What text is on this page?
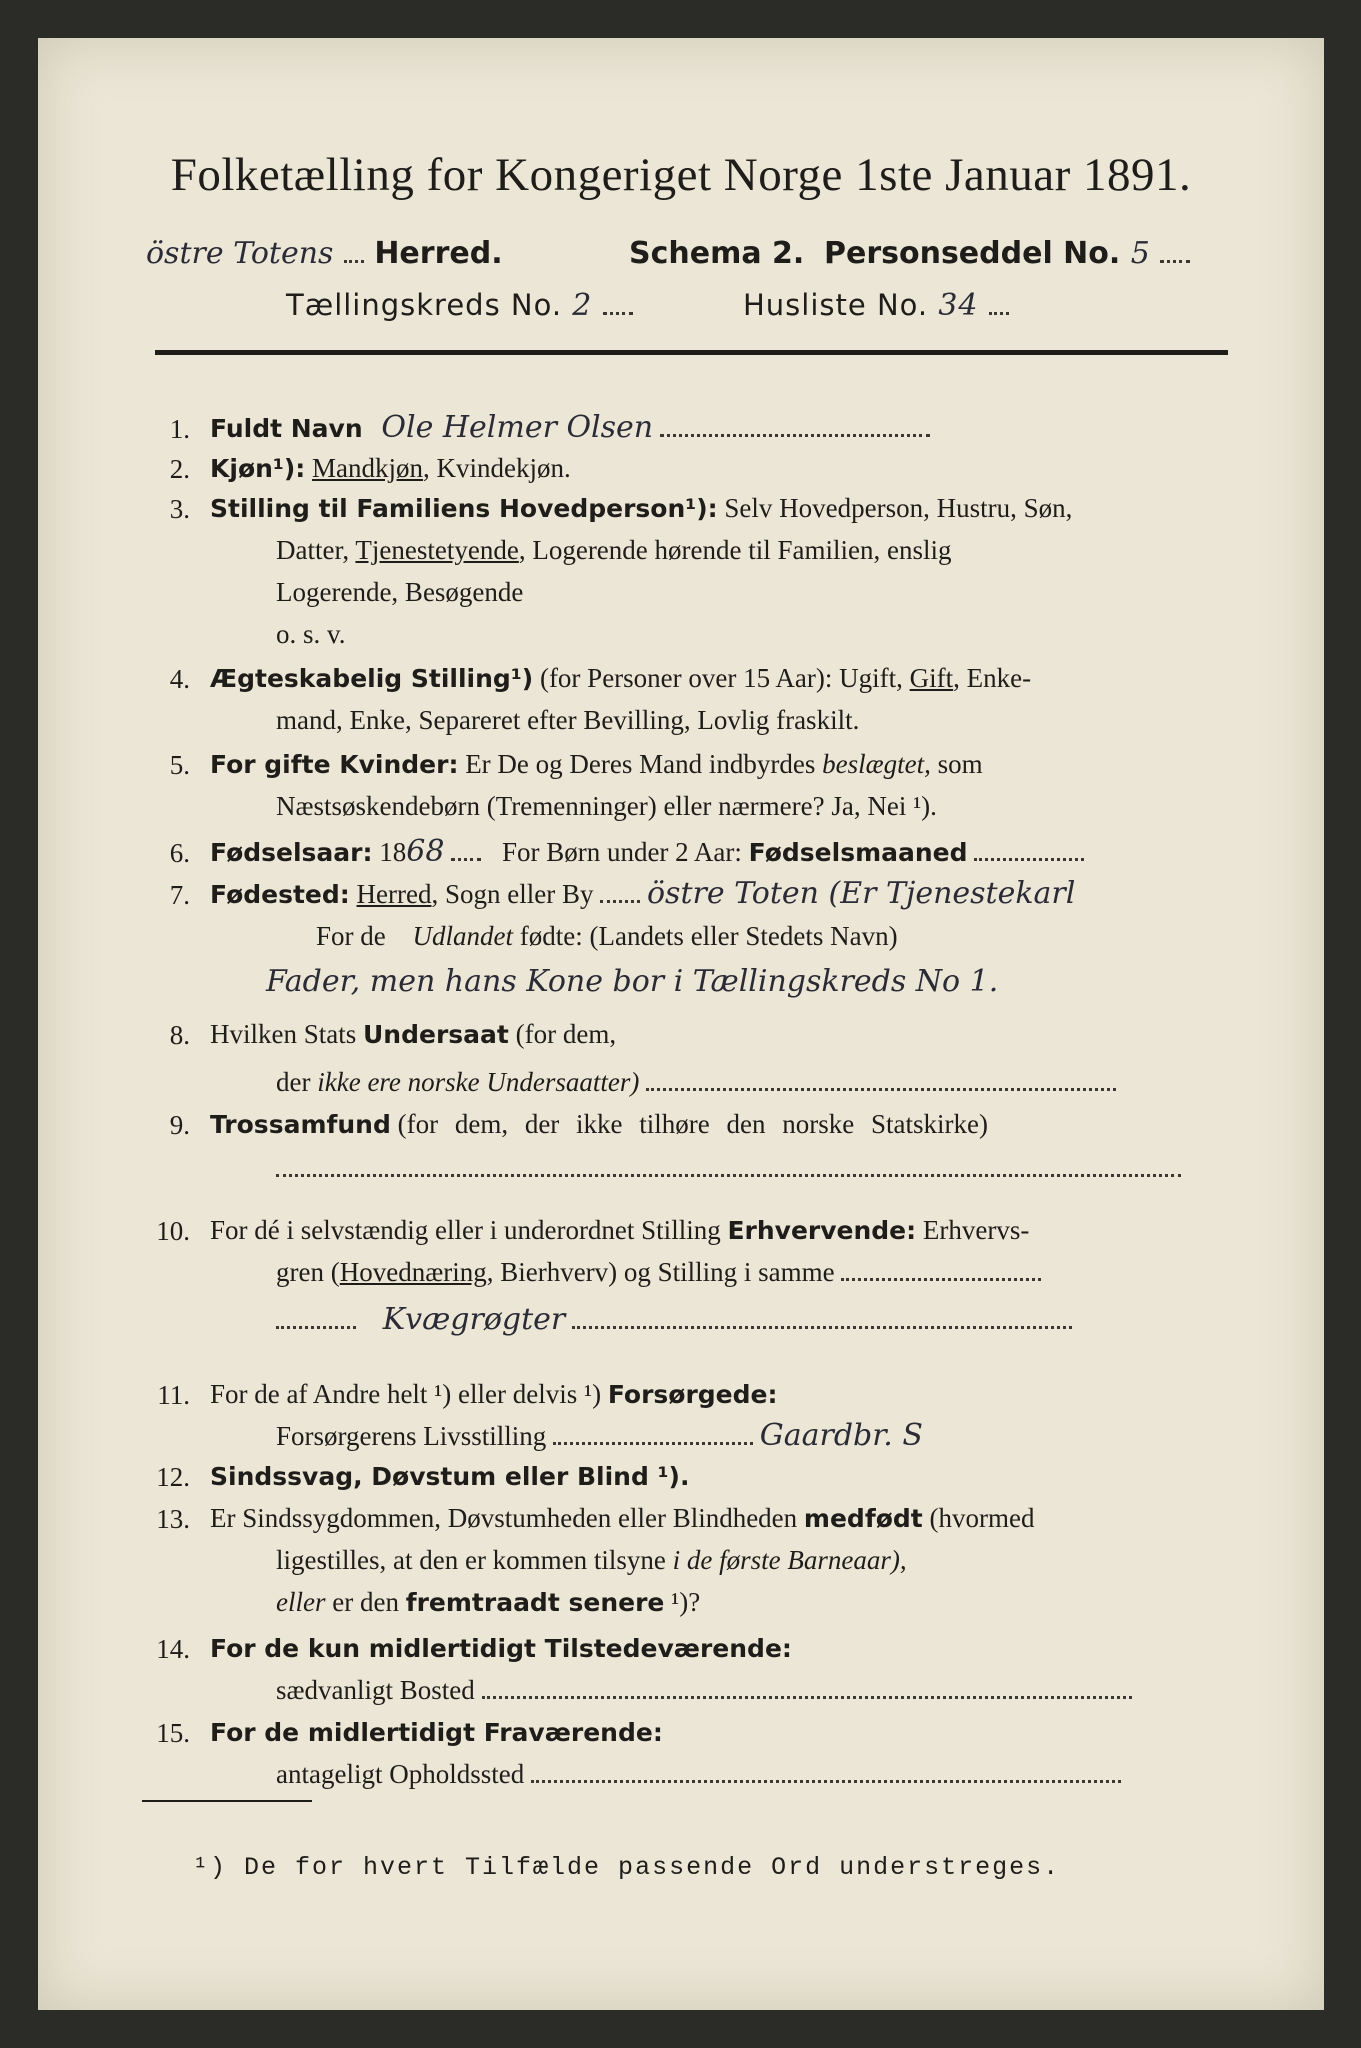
Folketælling for Kongeriget Norge 1ste Januar 1891.
östre Totens Herred.	Schema 2. Personseddel No. 5
Tællingskreds No. 2	Husliste No. 34
1. Fuldt Navn Ole Helmer Olsen
2. Kjøn¹): Mandkjøn, Kvindekjøn.
3. Stilling til Familiens Hovedperson¹): Selv Hovedperson, Hustru, Søn,
Datter, Tjenestetyende, Logerende hørende til Familien, enslig
Logerende, Besøgende
o. s. v.
4. Ægteskabelig Stilling¹) (for Personer over 15 Aar): Ugift, Gift, Enke-
mand, Enke, Separeret efter Bevilling, Lovlig fraskilt.
5. For gifte Kvinder: Er De og Deres Mand indbyrdes beslægtet, som
Næstsøskendebørn (Tremenninger) eller nærmere? Ja, Nei ¹).
6. Fødselsaar: 1868 For Børn under 2 Aar: Fødselsmaaned
7. Fødested: Herred, Sogn eller By östre Toten (Er Tjenestekarl
For de Udlandet fødte: (Landets eller Stedets Navn)
Fader, men hans Kone bor i Tællingskreds No 1.
8. Hvilken Stats Undersaat (for dem,
der ikke ere norske Undersaatter)
9. Trossamfund (for dem, der ikke tilhøre den norske Statskirke)
10. For dé i selvstændig eller i underordnet Stilling Erhvervende: Erhvervs-
gren (Hovednæring, Bierhverv) og Stilling i samme
Kvægrøgter
11. For de af Andre helt ¹) eller delvis ¹) Forsørgede:
Forsørgerens Livsstilling	Gaardbr. S
12. Sindssvag, Døvstum eller Blind ¹).
13. Er Sindssygdommen, Døvstumheden eller Blindheden medfødt (hvormed
ligestilles, at den er kommen tilsyne i de første Barneaar),
eller er den fremtraadt senere ¹)?
14. For de kun midlertidigt Tilstedeværende:
sædvanligt Bosted
15. For de midlertidigt Fraværende:
antageligt Opholdssted
¹) De for hvert Tilfælde passende Ord understreges.
